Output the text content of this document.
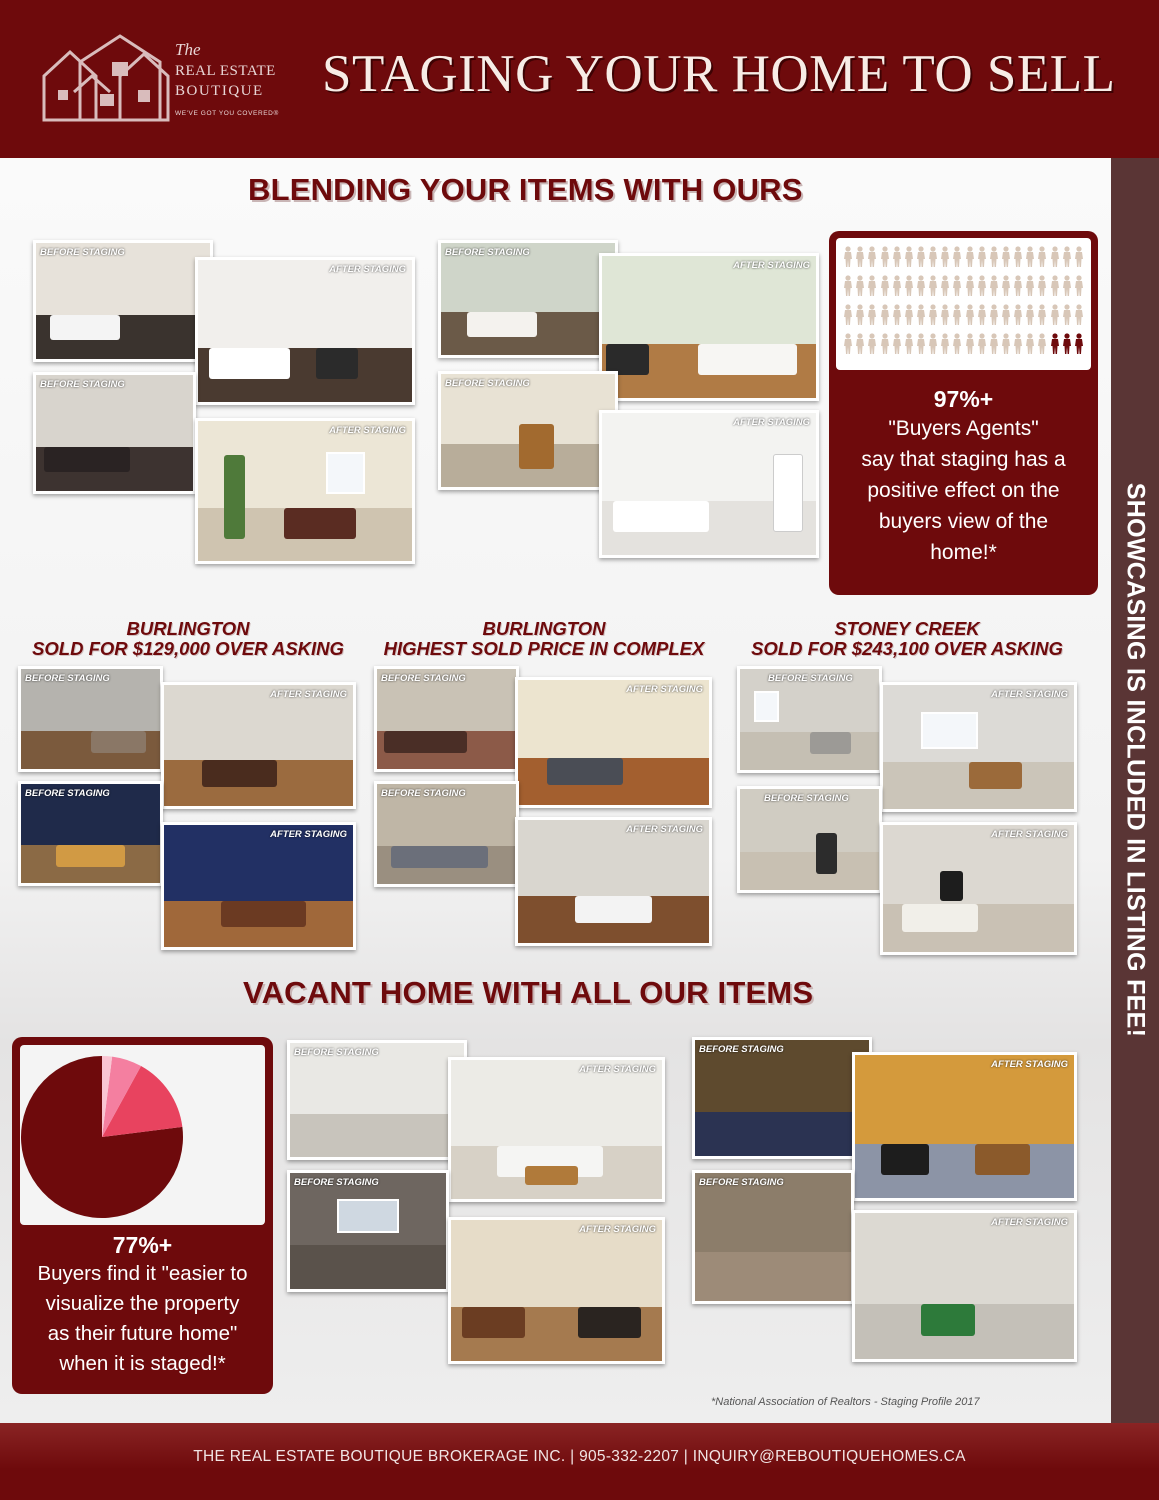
The
REAL ESTATE
BOUTIQUE
WE'VE GOT YOU COVERED®
STAGING YOUR HOME TO SELL
SHOWCASING IS INCLUDED IN LISTING FEE!
BLENDING YOUR ITEMS WITH OURS
BEFORE STAGING
AFTER STAGING
BEFORE STAGING
AFTER STAGING
BEFORE STAGING
AFTER STAGING
BEFORE STAGING
AFTER STAGING
97%+
"Buyers Agents"
say that staging has a
positive effect on the
buyers view of the
home!*
BURLINGTON
SOLD FOR $129,000 OVER ASKING
BURLINGTON
HIGHEST SOLD PRICE IN COMPLEX
STONEY CREEK
SOLD FOR $243,100 OVER ASKING
BEFORE STAGING
AFTER STAGING
BEFORE STAGING
AFTER STAGING
BEFORE STAGING
AFTER STAGING
BEFORE STAGING
AFTER STAGING
BEFORE STAGING
AFTER STAGING
BEFORE STAGING
AFTER STAGING
VACANT HOME WITH ALL OUR ITEMS
77%+
Buyers find it "easier to
visualize the property
as their future home"
when it is staged!*
BEFORE STAGING
AFTER STAGING
BEFORE STAGING
AFTER STAGING
BEFORE STAGING
AFTER STAGING
BEFORE STAGING
AFTER STAGING
*National Association of Realtors - Staging Profile 2017
THE REAL ESTATE BOUTIQUE BROKERAGE INC. | 905-332-2207 | INQUIRY@REBOUTIQUEHOMES.CA
